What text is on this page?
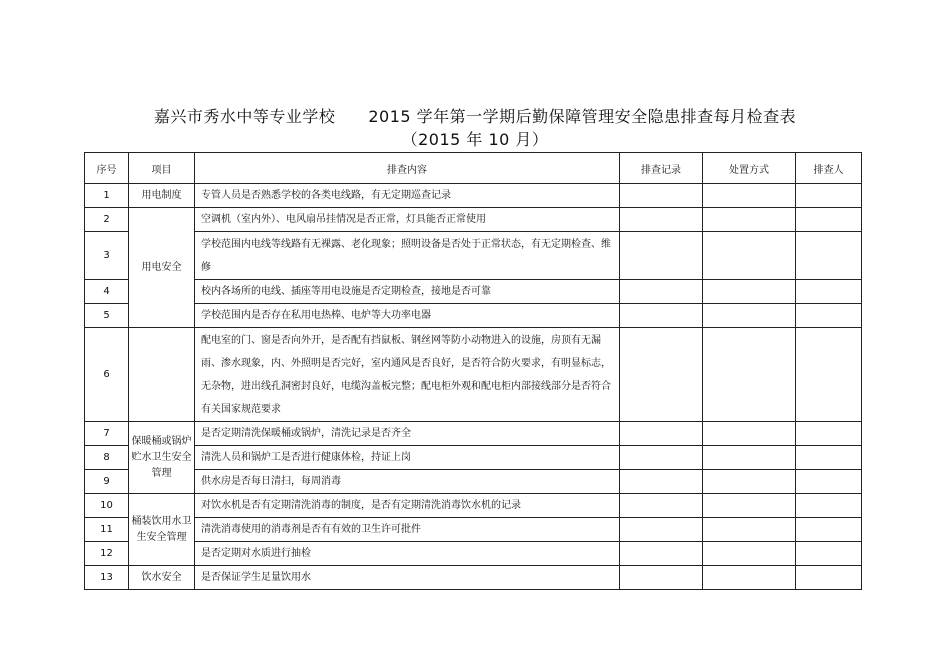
嘉兴市秀水中等专业学校　　2015 学年第一学期后勤保障管理安全隐患排查每月检查表
（2015 年 10 月）
序号	项目	排查内容	排查记录	处置方式	排查人
1	用电制度	专管人员是否熟悉学校的各类电线路，有无定期巡查记录			
2	用电安全	空调机（室内外）、电风扇吊挂情况是否正常，灯具能否正常使用			
3		学校范围内电线等线路有无裸露、老化现象；照明设备是否处于正常状态，有无定期检查、维修			
4		校内各场所的电线、插座等用电设施是否定期检查，接地是否可靠			
5		学校范围内是否存在私用电热棒、电炉等大功率电器			
6		配电室的门、窗是否向外开，是否配有挡鼠板、钢丝网等防小动物进入的设施，房顶有无漏雨、渗水现象，内、外照明是否完好，室内通风是否良好，是否符合防火要求，有明显标志，无杂物，进出线孔洞密封良好，电缆沟盖板完整；配电柜外观和配电柜内部接线部分是否符合有关国家规范要求			
7	保暖桶或锅炉贮水卫生安全管理	是否定期清洗保暖桶或锅炉，清洗记录是否齐全			
8		清洗人员和锅炉工是否进行健康体检，持证上岗			
9		供水房是否每日清扫，每周消毒			
10	桶装饮用水卫生安全管理	对饮水机是否有定期清洗消毒的制度，是否有定期清洗消毒饮水机的记录			
11		清洗消毒使用的消毒剂是否有有效的卫生许可批件			
12		是否定期对水质进行抽检			
13	饮水安全	是否保证学生足量饮用水			
